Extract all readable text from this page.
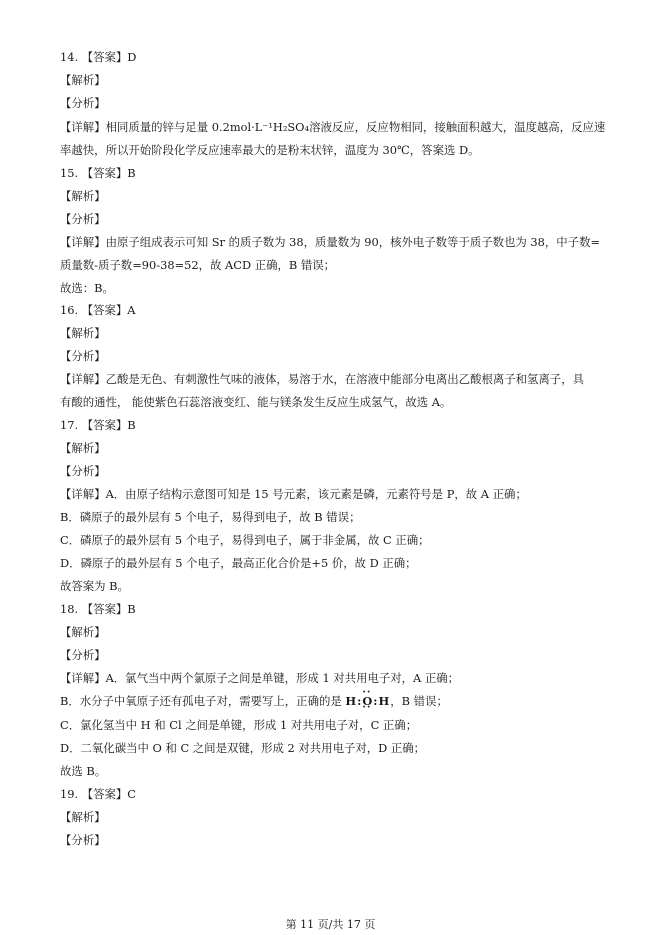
14. 【答案】D
【解析】
【分析】
【详解】相同质量的锌与足量 0.2mol·L⁻¹H₂SO₄溶液反应，反应物相同，接触面积越大，温度越高，反应速
率越快，所以开始阶段化学反应速率最大的是粉末状锌，温度为 30℃，答案选 D。
15. 【答案】B
【解析】
【分析】
【详解】由原子组成表示可知 Sr 的质子数为 38，质量数为 90，核外电子数等于质子数也为 38，中子数=
质量数-质子数=90-38=52，故 ACD 正确，B 错误；
故选：B。
16. 【答案】A
【解析】
【分析】
【详解】乙酸是无色、有刺激性气味的液体，易溶于水，在溶液中能部分电离出乙酸根离子和氢离子，具
有酸的通性， 能使紫色石蕊溶液变红、能与镁条发生反应生成氢气，故选 A。
17. 【答案】B
【解析】
【分析】
【详解】A．由原子结构示意图可知是 15 号元素，该元素是磷，元素符号是 P，故 A 正确；
B．磷原子的最外层有 5 个电子，易得到电子，故 B 错误；
C．磷原子的最外层有 5 个电子，易得到电子，属于非金属，故 C 正确；
D．磷原子的最外层有 5 个电子，最高正化合价是+5 价，故 D 正确；
故答案为 B。
18. 【答案】B
【解析】
【分析】
【详解】A．氯气当中两个氯原子之间是单键，形成 1 对共用电子对，A 正确；
B．水分子中氧原子还有孤电子对，需要写上，正确的是 H:·· O ··:H，B 错误；
C．氯化氢当中 H 和 Cl 之间是单键，形成 1 对共用电子对，C 正确；
D．二氧化碳当中 O 和 C 之间是双键，形成 2 对共用电子对，D 正确；
故选 B。
19. 【答案】C
【解析】
【分析】
第 11 页/共 17 页
